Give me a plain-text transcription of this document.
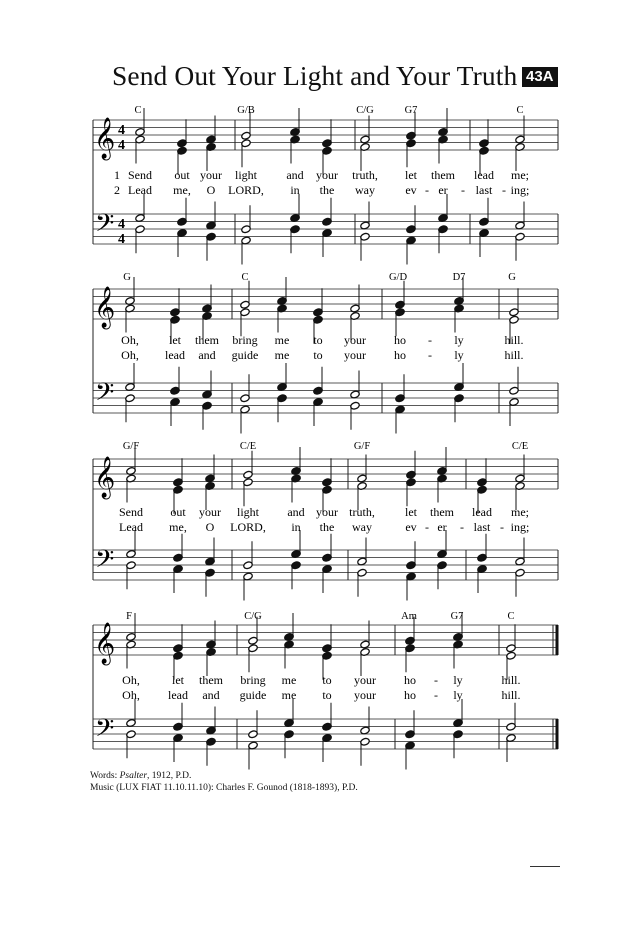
Send Out Your Light and Your Truth 43A
𝄞
𝄢
4
4
4
4
C	G/B	C/G	G7	C
1 Send out your light and your truth, let them lead me;
2 Lead me, O LORD, in the way	ev - er - last - ing;
𝄞
𝄢
G	C	G/D	D7	G
Oh,	let them bring me to your ho - ly	hill.
Oh, lead and guide me to your ho - ly	hill.
𝄞
𝄢
G/F	C/E	G/F	C/E
Send out your light and your truth,	let them lead me;
Lead me, O LORD, in the way	ev - er - last - ing;
𝄞
𝄢
F	C/G	Am	G7	C
Oh,	let them bring me to your ho - ly	hill.
Oh, lead and guide me to your ho - ly	hill.
Words: Psalter, 1912, P.D.
Music (LUX FIAT 11.10.11.10): Charles F. Gounod (1818-1893), P.D.
